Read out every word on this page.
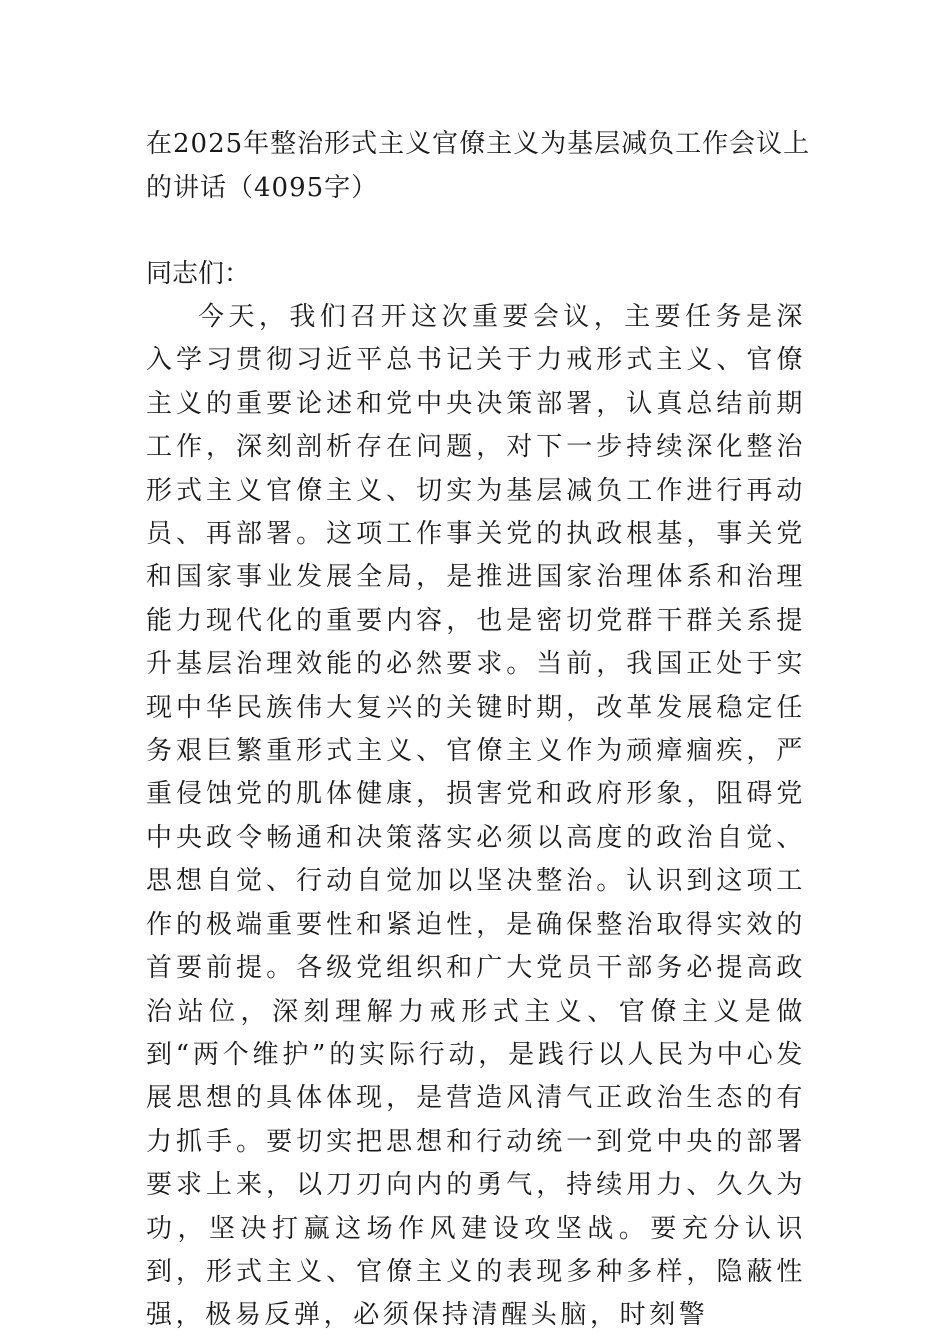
在2025年整治形式主义官僚主义为基层减负工作会议上的讲话（4095字）

同志们：

今天，我们召开这次重要会议，主要任务是深入学习贯彻习近平总书记关于力戒形式主义、官僚主义的重要论述和党中央决策部署，认真总结前期工作，深刻剖析存在问题，对下一步持续深化整治形式主义官僚主义、切实为基层减负工作进行再动员、再部署。这项工作事关党的执政根基，事关党和国家事业发展全局，是推进国家治理体系和治理能力现代化的重要内容，也是密切党群干群关系提升基层治理效能的必然要求。当前，我国正处于实现中华民族伟大复兴的关键时期，改革发展稳定任务艰巨繁重形式主义、官僚主义作为顽瘴痼疾，严重侵蚀党的肌体健康，损害党和政府形象，阻碍党中央政令畅通和决策落实必须以高度的政治自觉、思想自觉、行动自觉加以坚决整治。认识到这项工作的极端重要性和紧迫性，是确保整治取得实效的首要前提。各级党组织和广大党员干部务必提高政治站位，深刻理解力戒形式主义、官僚主义是做到“两个维护”的实际行动，是践行以人民为中心发展思想的具体体现，是营造风清气正政治生态的有力抓手。要切实把思想和行动统一到党中央的部署要求上来，以刀刃向内的勇气，持续用力、久久为功，坚决打赢这场作风建设攻坚战。要充分认识到，形式主义、官僚主义的表现多种多样，隐蔽性强，极易反弹，必须保持清醒头脑，时刻警
